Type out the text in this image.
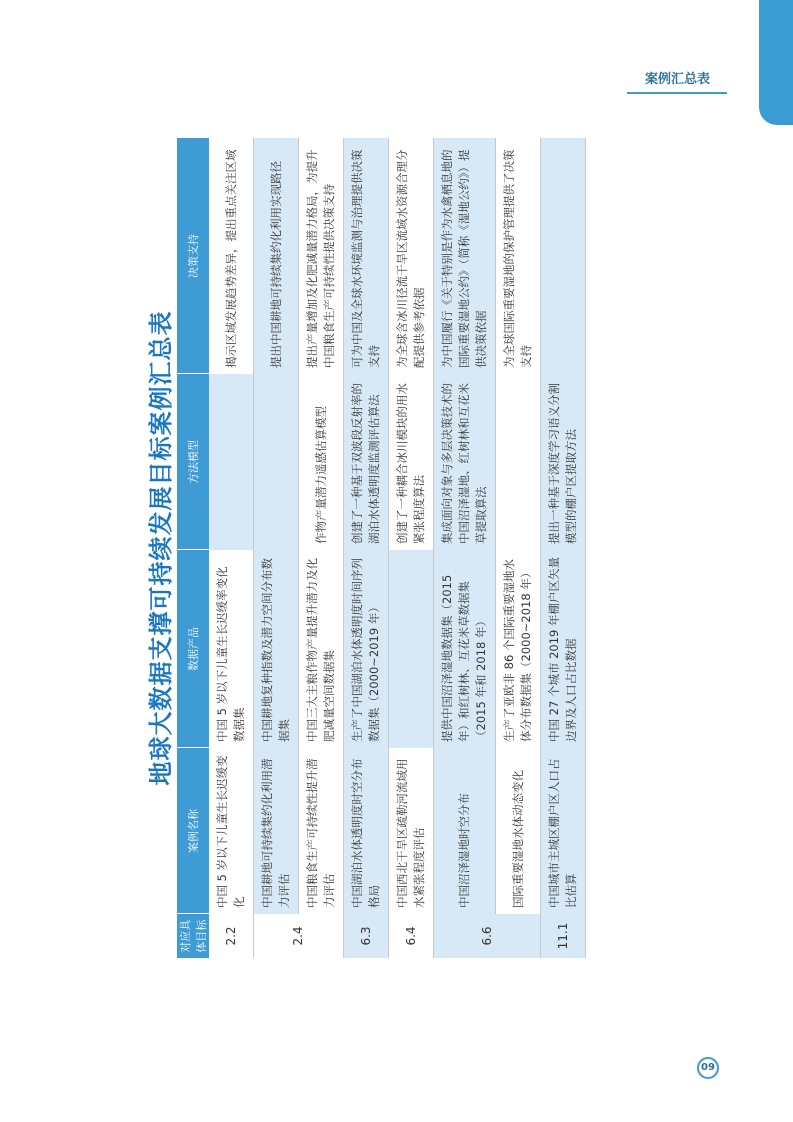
案例汇总表
地球大数据支撑可持续发展目标案例汇总表
对应具体目标	案例名称	数据产品	方法模型	决策支持
2.2	中国 5 岁以下儿童生长迟缓变化	中国 5 岁以下儿童生长迟缓率变化数据集		揭示区域发展趋势差异，提出重点关注区域
2.4	中国耕地可持续集约化利用潜力评估	中国耕地复种指数及潜力空间分布数据集		提出中国耕地可持续集约化利用实现路径
	中国粮食生产可持续性提升潜力评估	中国三大主粮作物产量提升潜力及化肥减量空间数据集	作物产量潜力遥感估算模型	提出产量增加及化肥减量潜力格局，为提升中国粮食生产可持续性提供决策支持
6.3	中国湖泊水体透明度时空分布格局	生产了中国湖泊水体透明度时间序列数据集（2000~2019 年）	创建了一种基于双波段反射率的湖泊水体透明度监测评估算法	可为中国及全球水环境监测与治理提供决策支持
6.4	中国西北干旱区疏勒河流域用水紧张程度评估		创建了一种耦合冰川模块的用水紧张程度算法	为全球含冰川径流干旱区流域水资源合理分配提供参考依据
6.6	中国沼泽湿地时空分布	提供中国沼泽湿地数据集（2015 年）和红树林、互花米草数据集（2015 年和 2018 年）	集成面向对象与多层决策技术的中国沼泽湿地、红树林和互花米草提取算法	为中国履行《关于特别是作为水禽栖息地的国际重要湿地公约》（简称《湿地公约》）提供决策依据
	国际重要湿地水体动态变化	生产了亚欧非 86 个国际重要湿地水体分布数据集（2000~2018 年）		为全球国际重要湿地的保护管理提供了决策支持
11.1	中国城市主城区棚户区人口占比估算	中国 27 个城市 2019 年棚户区矢量边界及人口占比数据	提出一种基于深度学习语义分割模型的棚户区提取方法	
09
